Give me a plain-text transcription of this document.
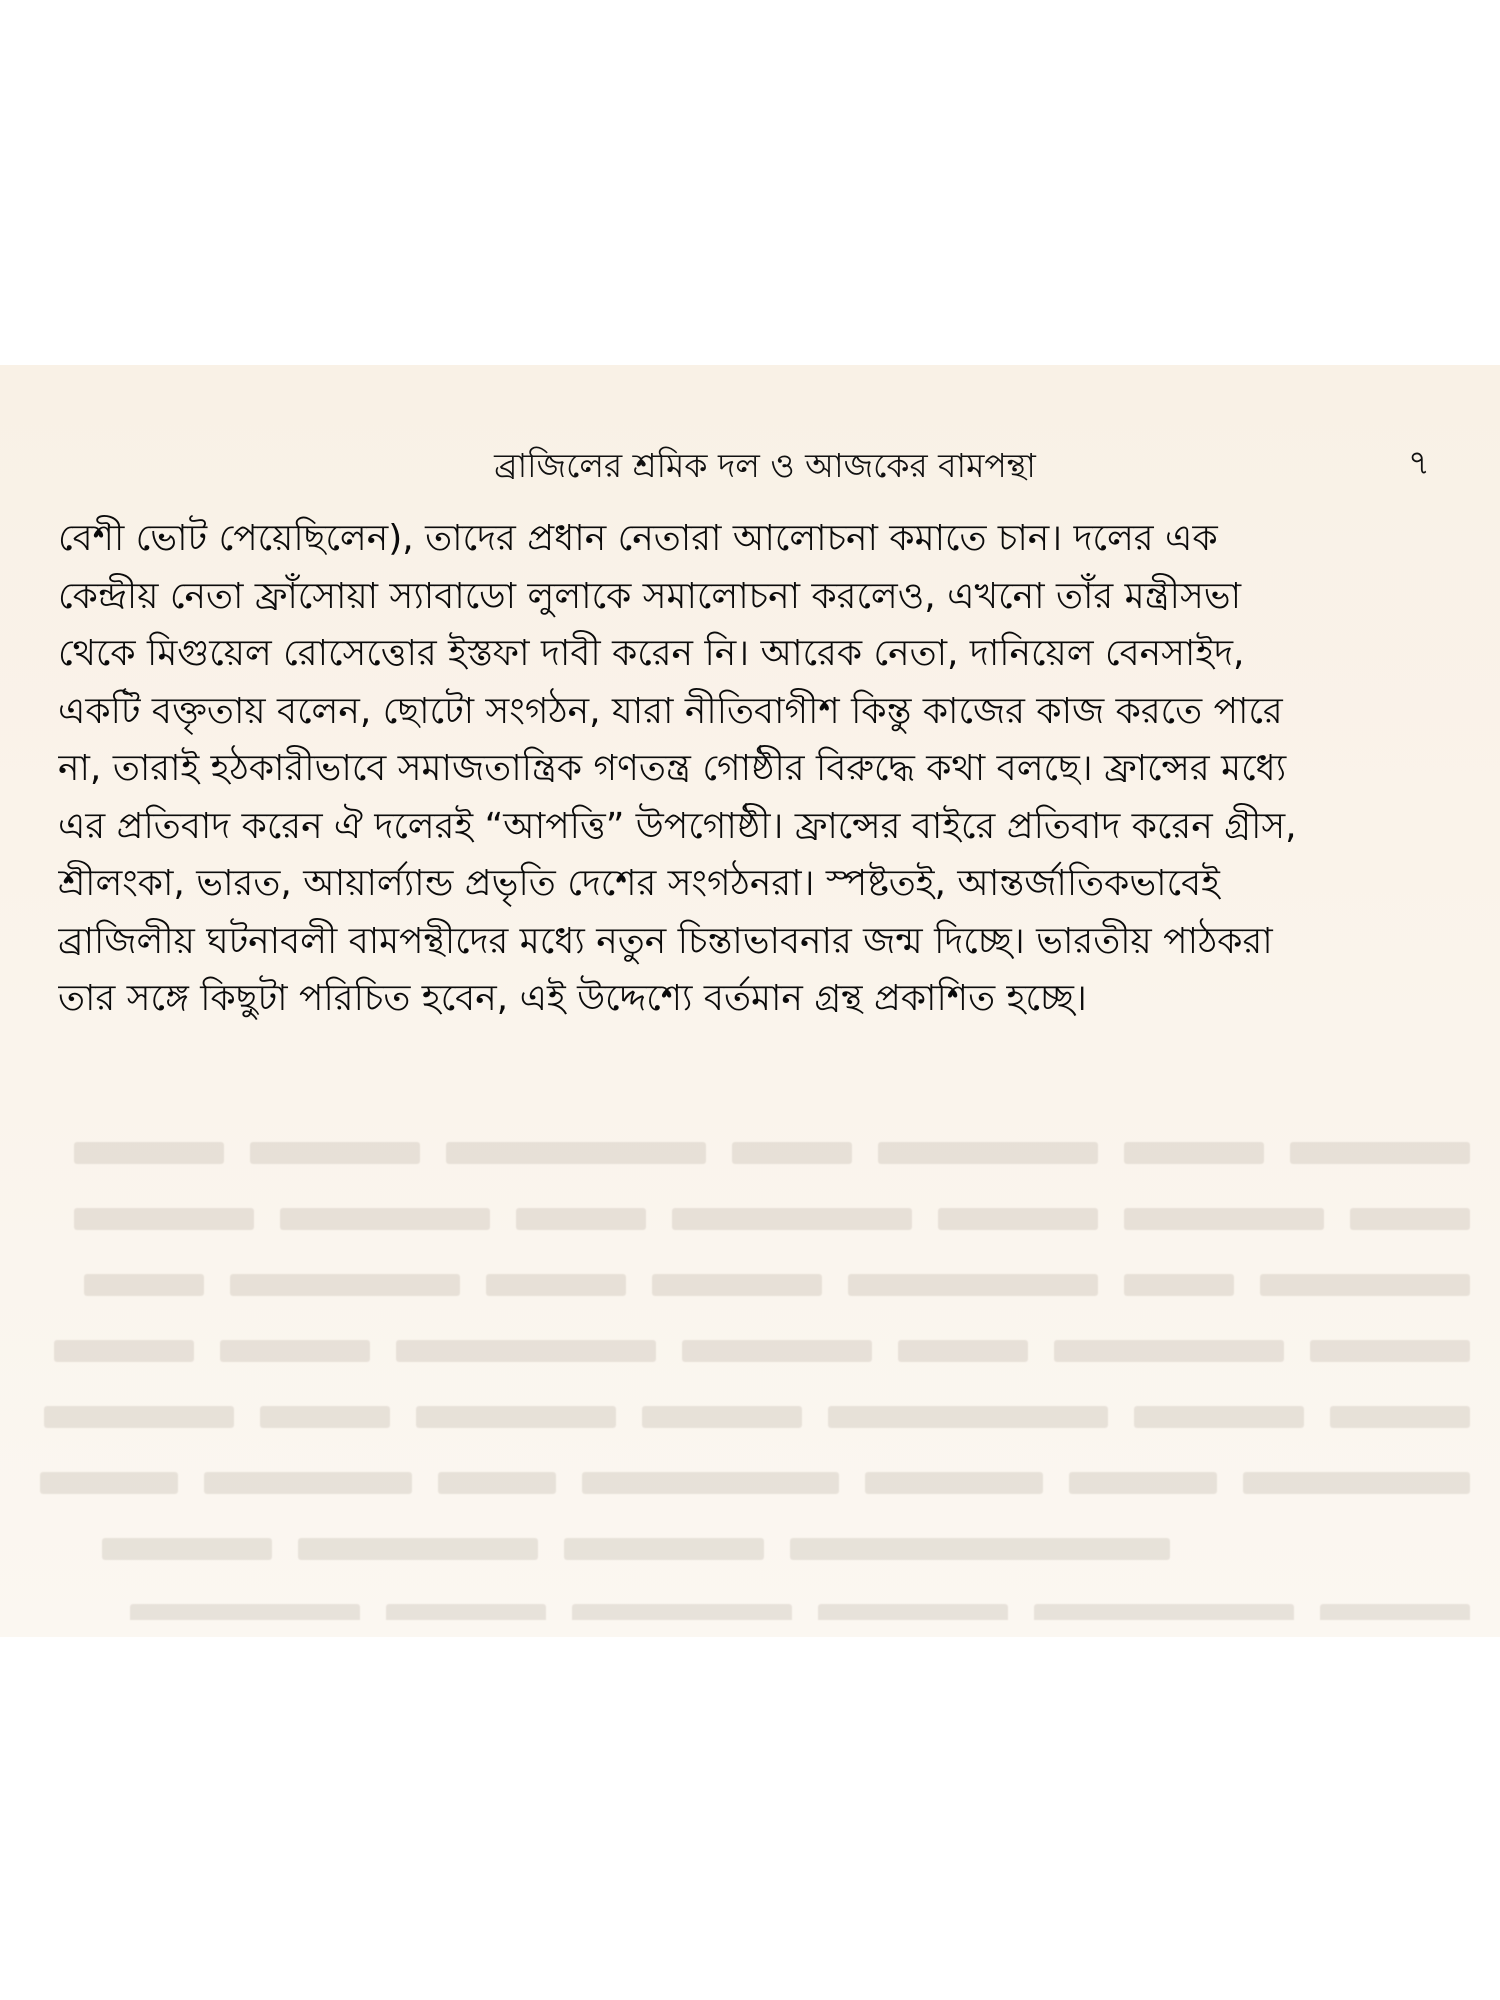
ব্রাজিলের শ্রমিক দল ও আজকের বামপন্থা	৭

বেশী ভোট পেয়েছিলেন), তাদের প্রধান নেতারা আলোচনা কমাতে চান। দলের এক
কেন্দ্রীয় নেতা ফ্রাঁসোয়া স্যাবাডো লুলাকে সমালোচনা করলেও, এখনো তাঁর মন্ত্রীসভা
থেকে মিগুয়েল রোসেত্তোর ইস্তফা দাবী করেন নি। আরেক নেতা, দানিয়েল বেনসাইদ,
একটি বক্তৃতায় বলেন, ছোটো সংগঠন, যারা নীতিবাগীশ কিন্তু কাজের কাজ করতে পারে
না, তারাই হঠকারীভাবে সমাজতান্ত্রিক গণতন্ত্র গোষ্ঠীর বিরুদ্ধে কথা বলছে। ফ্রান্সের মধ্যে
এর প্রতিবাদ করেন ঐ দলেরই “আপত্তি” উপগোষ্ঠী। ফ্রান্সের বাইরে প্রতিবাদ করেন গ্রীস,
শ্রীলংকা, ভারত, আয়ার্ল্যান্ড প্রভৃতি দেশের সংগঠনরা। স্পষ্টতই, আন্তর্জাতিকভাবেই
ব্রাজিলীয় ঘটনাবলী বামপন্থীদের মধ্যে নতুন চিন্তাভাবনার জন্ম দিচ্ছে। ভারতীয় পাঠকরা
তার সঙ্গে কিছুটা পরিচিত হবেন, এই উদ্দেশ্যে বর্তমান গ্রন্থ প্রকাশিত হচ্ছে।
